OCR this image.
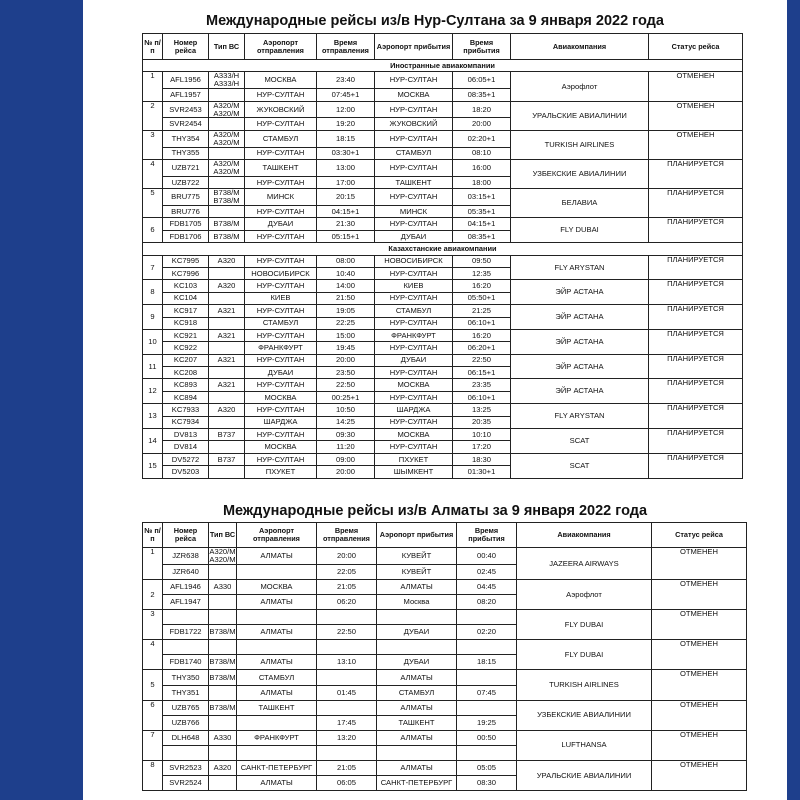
Международные рейсы из/в Нур-Султана за 9 января 2022 года
№ п/п	Номер рейса	Тип ВС	Аэропорт отправления	Время отправления	Аэропорт прибытия	Время прибытия	Авиакомпания	Статус рейса
Иностранные авиакомпании								
1	AFL1956	A333/H A333/H	МОСКВА	23:40	НУР-СУЛТАН	06:05+1	Аэрофлот	ОТМЕНЕН
	AFL1957		НУР-СУЛТАН	07:45+1	МОСКВА	08:35+1		
2	SVR2453	A320/M A320/M	ЖУКОВСКИЙ	12:00	НУР-СУЛТАН	18:20	УРАЛЬСКИЕ АВИАЛИНИИ	ОТМЕНЕН
	SVR2454		НУР-СУЛТАН	19:20	ЖУКОВСКИЙ	20:00		
3	THY354	A320/M A320/M	СТАМБУЛ	18:15	НУР-СУЛТАН	02:20+1	TURKISH AIRLINES	ОТМЕНЕН
	THY355		НУР-СУЛТАН	03:30+1	СТАМБУЛ	08:10		
4	UZB721	A320/M A320/M	ТАШКЕНТ	13:00	НУР-СУЛТАН	16:00	УЗБЕКСКИЕ АВИАЛИНИИ	ПЛАНИРУЕТСЯ
	UZB722		НУР-СУЛТАН	17:00	ТАШКЕНТ	18:00		
5	BRU775	B738/M B738/M	МИНСК	20:15	НУР-СУЛТАН	03:15+1	БЕЛАВИА	ПЛАНИРУЕТСЯ
	BRU776		НУР-СУЛТАН	04:15+1	МИНСК	05:35+1		
6	FDB1705	B738/M	ДУБАИ	21:30	НУР-СУЛТАН	04:15+1	FLY DUBAI	ПЛАНИРУЕТСЯ
	FDB1706	B738/M	НУР-СУЛТАН	05:15+1	ДУБАИ	08:35+1		
Казахстанские авиакомпании								
7	KC7995	A320	НУР-СУЛТАН	08:00	НОВОСИБИРСК	09:50	FLY ARYSTAN	ПЛАНИРУЕТСЯ
	KC7996		НОВОСИБИРСК	10:40	НУР-СУЛТАН	12:35		
8	KC103	A320	НУР-СУЛТАН	14:00	КИЕВ	16:20	ЭЙР АСТАНА	ПЛАНИРУЕТСЯ
	KC104		КИЕВ	21:50	НУР-СУЛТАН	05:50+1		
9	KC917	A321	НУР-СУЛТАН	19:05	СТАМБУЛ	21:25	ЭЙР АСТАНА	ПЛАНИРУЕТСЯ
	KC918		СТАМБУЛ	22:25	НУР-СУЛТАН	06:10+1		
10	KC921	A321	НУР-СУЛТАН	15:00	ФРАНКФУРТ	16:20	ЭЙР АСТАНА	ПЛАНИРУЕТСЯ
	KC922		ФРАНКФУРТ	19:45	НУР-СУЛТАН	06:20+1		
11	KC207	A321	НУР-СУЛТАН	20:00	ДУБАИ	22:50	ЭЙР АСТАНА	ПЛАНИРУЕТСЯ
	KC208		ДУБАИ	23:50	НУР-СУЛТАН	06:15+1		
12	KC893	A321	НУР-СУЛТАН	22:50	МОСКВА	23:35	ЭЙР АСТАНА	ПЛАНИРУЕТСЯ
	KC894		МОСКВА	00:25+1	НУР-СУЛТАН	06:10+1		
13	KC7933	A320	НУР-СУЛТАН	10:50	ШАРДЖА	13:25	FLY ARYSTAN	ПЛАНИРУЕТСЯ
	KC7934		ШАРДЖА	14:25	НУР-СУЛТАН	20:35		
14	DV813	B737	НУР-СУЛТАН	09:30	МОСКВА	10:10	SCAT	ПЛАНИРУЕТСЯ
	DV814		МОСКВА	11:20	НУР-СУЛТАН	17:20		
15	DV5272	B737	НУР-СУЛТАН	09:00	ПХУКЕТ	18:30	SCAT	ПЛАНИРУЕТСЯ
	DV5203		ПХУКЕТ	20:00	ШЫМКЕНТ	01:30+1		
Международные рейсы из/в Алматы за 9 января 2022 года
№ п/п	Номер рейса	Тип ВС	Аэропорт отправления	Время отправления	Аэропорт прибытия	Время прибытия	Авиакомпания	Статус рейса
1	JZR638	A320/M A320/M	АЛМАТЫ	20:00	КУВЕЙТ	00:40	JAZEERA AIRWAYS	ОТМЕНЕН
	JZR640			22:05	КУВЕЙТ	02:45		
2	AFL1946	A330	МОСКВА	21:05	АЛМАТЫ	04:45	Аэрофлот	ОТМЕНЕН
	AFL1947		АЛМАТЫ	06:20	Москва	08:20		
3							FLY DUBAI	ОТМЕНЕН
	FDB1722	B738/M	АЛМАТЫ	22:50	ДУБАИ	02:20		
4							FLY DUBAI	ОТМЕНЕН
	FDB1740	B738/M	АЛМАТЫ	13:10	ДУБАИ	18:15		
5	THY350	B738/M	СТАМБУЛ		АЛМАТЫ		TURKISH AIRLINES	ОТМЕНЕН
	THY351		АЛМАТЫ	01:45	СТАМБУЛ	07:45		
6	UZB765	B738/M	ТАШКЕНТ		АЛМАТЫ		УЗБЕКСКИЕ АВИАЛИНИИ	ОТМЕНЕН
	UZB766			17:45	ТАШКЕНТ	19:25		
7	DLH648	A330	ФРАНКФУРТ	13:20	АЛМАТЫ	00:50	LUFTHANSA	ОТМЕНЕН

8	SVR2523	A320	САНКТ-ПЕТЕРБУРГ	21:05	АЛМАТЫ	05:05	УРАЛЬСКИЕ АВИАЛИНИИ	ОТМЕНЕН
	SVR2524		АЛМАТЫ	06:05	САНКТ-ПЕТЕРБУРГ	08:30		
